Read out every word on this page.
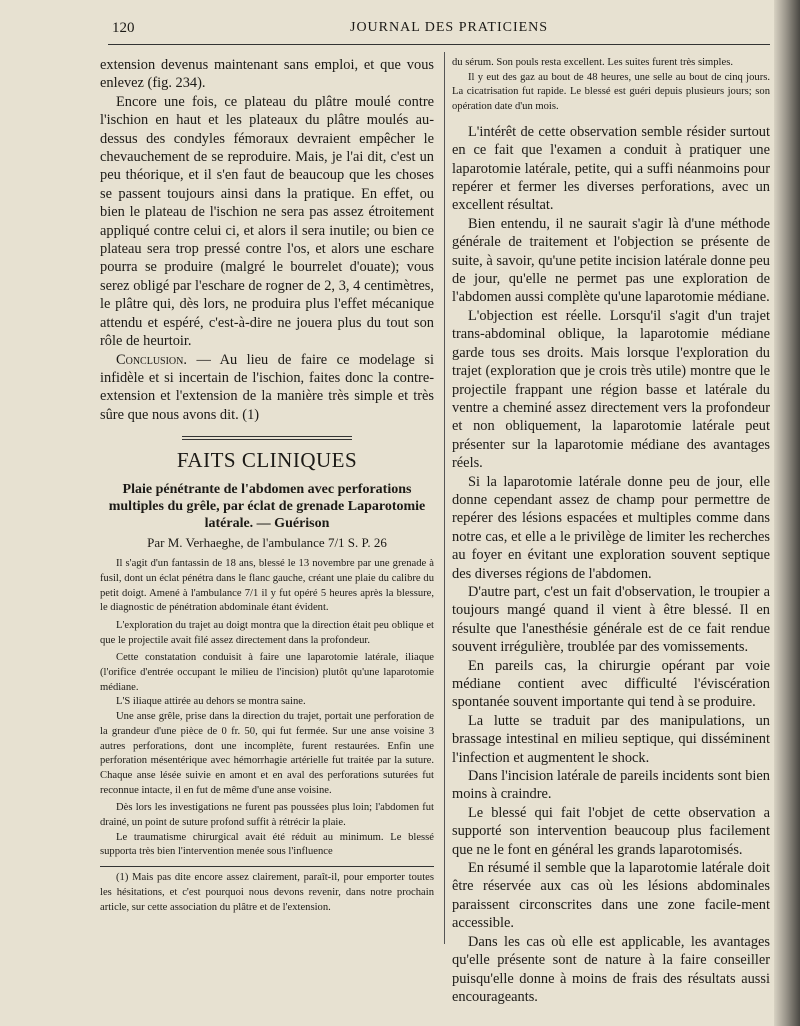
120	JOURNAL DES PRATICIENS

extension devenus maintenant sans emploi, et que vous enlevez (fig. 234).

Encore une fois, ce plateau du plâtre moulé contre l'ischion en haut et les plateaux du plâtre moulés au-dessus des condyles fémoraux devraient empêcher le chevauchement de se reproduire. Mais, je l'ai dit, c'est un peu théorique, et il s'en faut de beaucoup que les choses se passent toujours ainsi dans la pratique. En effet, ou bien le plateau de l'ischion ne sera pas assez étroitement appliqué contre celui ci, et alors il sera inutile; ou bien ce plateau sera trop pressé contre l'os, et alors une eschare pourra se produire (malgré le bourrelet d'ouate); vous serez obligé par l'eschare de rogner de 2, 3, 4 centimètres, le plâtre qui, dès lors, ne produira plus l'effet mécanique attendu et espéré, c'est-à-dire ne jouera plus du tout son rôle de heurtoir.

Conclusion. — Au lieu de faire ce modelage si infidèle et si incertain de l'ischion, faites donc la contre-extension et l'extension de la manière très simple et très sûre que nous avons dit. (1)

FAITS CLINIQUES

Plaie pénétrante de l'abdomen avec perforations multiples du grêle, par éclat de grenade Laparotomie latérale. — Guérison

Par M. Verhaeghe, de l'ambulance 7/1 S. P. 26

Il s'agit d'un fantassin de 18 ans, blessé le 13 novembre par une grenade à fusil, dont un éclat pénétra dans le flanc gauche, créant une plaie du calibre du petit doigt. Amené à l'ambulance 7/1 il y fut opéré 5 heures après la blessure, le diagnostic de pénétration abdominale étant évident.

L'exploration du trajet au doigt montra que la direction était peu oblique et que le projectile avait filé assez directement dans la profondeur.

Cette constatation conduisit à faire une laparotomie latérale, iliaque (l'orifice d'entrée occupant le milieu de l'incision) plutôt qu'une laparotomie médiane.

L'S iliaque attirée au dehors se montra saine.

Une anse grêle, prise dans la direction du trajet, portait une perforation de la grandeur d'une pièce de 0 fr. 50, qui fut fermée. Sur une anse voisine 3 autres perforations, dont une incomplète, furent restaurées. Enfin une perforation mésentérique avec hémorrhagie artérielle fut traitée par la suture. Chaque anse lésée suivie en amont et en aval des perforations suturées fut reconnue intacte, il en fut de même d'une anse voisine.

Dès lors les investigations ne furent pas poussées plus loin; l'abdomen fut drainé, un point de suture profond suffit à rétrécir la plaie.

Le traumatisme chirurgical avait été réduit au minimum. Le blessé supporta très bien l'intervention menée sous l'influence

(1) Mais pas dite encore assez clairement, paraît-il, pour emporter toutes les hésitations, et c'est pourquoi nous devons revenir, dans notre prochain article, sur cette association du plâtre et de l'extension.

du sérum. Son pouls resta excellent. Les suites furent très simples.

Il y eut des gaz au bout de 48 heures, une selle au bout de cinq jours. La cicatrisation fut rapide. Le blessé est guéri depuis plusieurs jours; son opération date d'un mois.

L'intérêt de cette observation semble résider surtout en ce fait que l'examen a conduit à pratiquer une laparotomie latérale, petite, qui a suffi néanmoins pour repérer et fermer les diverses perforations, avec un excellent résultat.

Bien entendu, il ne saurait s'agir là d'une méthode générale de traitement et l'objection se présente de suite, à savoir, qu'une petite incision latérale donne peu de jour, qu'elle ne permet pas une exploration de l'abdomen aussi complète qu'une laparotomie médiane.

L'objection est réelle. Lorsqu'il s'agit d'un trajet trans-abdominal oblique, la laparotomie médiane garde tous ses droits. Mais lorsque l'exploration du trajet (exploration que je crois très utile) montre que le projectile frappant une région basse et latérale du ventre a cheminé assez directement vers la profondeur et non obliquement, la laparotomie latérale peut présenter sur la laparotomie médiane des avantages réels.

Si la laparotomie latérale donne peu de jour, elle donne cependant assez de champ pour permettre de repérer des lésions espacées et multiples comme dans notre cas, et elle a le privilège de limiter les recherches au foyer en évitant une exploration souvent septique des diverses régions de l'abdomen.

D'autre part, c'est un fait d'observation, le troupier a toujours mangé quand il vient à être blessé. Il en résulte que l'anesthésie générale est de ce fait rendue souvent irrégulière, troublée par des vomissements.

En pareils cas, la chirurgie opérant par voie médiane contient avec difficulté l'éviscération spontanée souvent importante qui tend à se produire.

La lutte se traduit par des manipulations, un brassage intestinal en milieu septique, qui disséminent l'infection et augmentent le shock.

Dans l'incision latérale de pareils incidents sont bien moins à craindre.

Le blessé qui fait l'objet de cette observation a supporté son intervention beaucoup plus facilement que ne le font en général les grands laparotomisés.

En résumé il semble que la laparotomie latérale doit être réservée aux cas où les lésions abdominales paraissent circonscrites dans une zone facile-ment accessible.

Dans les cas où elle est applicable, les avantages qu'elle présente sont de nature à la faire conseiller puisqu'elle donne à moins de frais des résultats aussi encourageants.
